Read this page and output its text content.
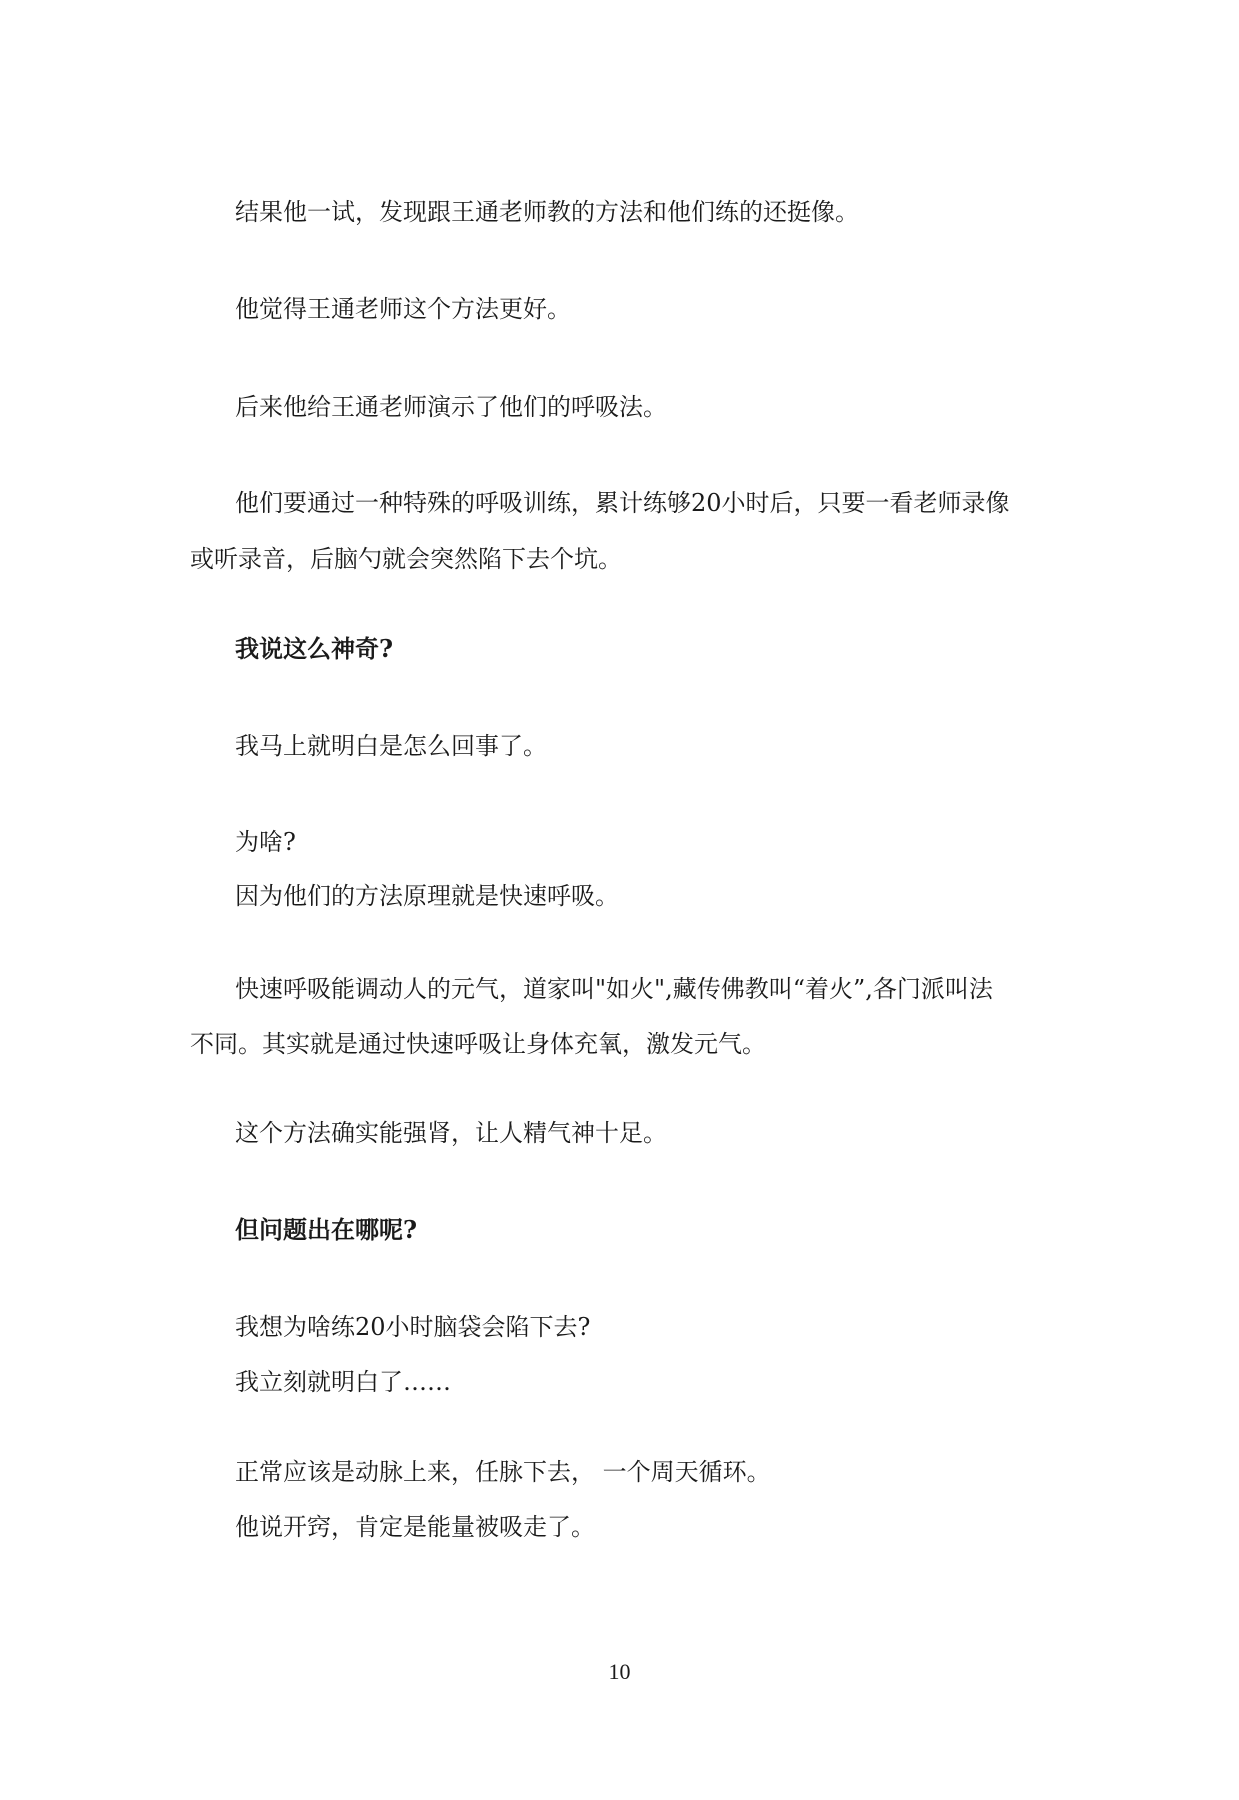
结果他一试，发现跟王通老师教的方法和他们练的还挺像。

他觉得王通老师这个方法更好。

后来他给王通老师演示了他们的呼吸法。

他们要通过一种特殊的呼吸训练，累计练够20小时后，只要一看老师录像

或听录音，后脑勺就会突然陷下去个坑。

我说这么神奇?

我马上就明白是怎么回事了。

为啥?

因为他们的方法原理就是快速呼吸。

快速呼吸能调动人的元气，道家叫"如火",藏传佛教叫“着火”,各门派叫法

不同。其实就是通过快速呼吸让身体充氧，激发元气。

这个方法确实能强肾，让人精气神十足。

但问题出在哪呢?

我想为啥练20小时脑袋会陷下去?

我立刻就明白了……

正常应该是动脉上来，任脉下去， 一个周天循环。

他说开窍，肯定是能量被吸走了。

10
